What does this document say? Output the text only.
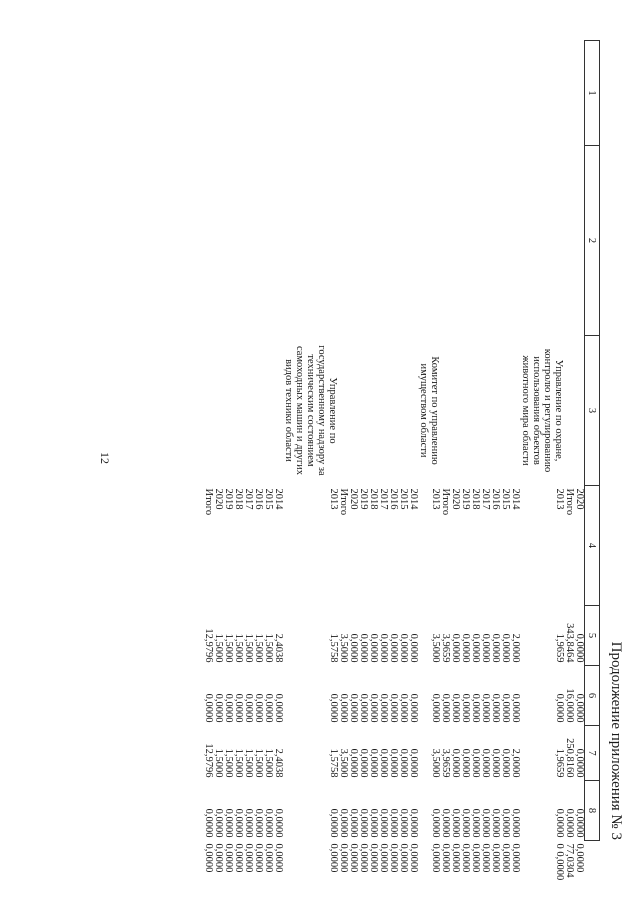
12
Продолжение приложения № 3
1	2	3	4	5	6	7	8	
			2020	0,0000	0,0000	0,0000	0,0000	0,0000
			Итого	343,8464	16,0000	250,8160	0,0000	77,0304
		Управление по охране, контролю и регулированию использования объектов животного мира области	2013	1,9659	0,0000	1,9659	0,0000	0 0,0000
			2014	2,0000	0,0000	2,0000	0,0000	0,0000
			2015	0,0000	0,0000	0,0000	0,0000	0,0000
			2016	0,0000	0,0000	0,0000	0,0000	0,0000
			2017	0,0000	0,0000	0,0000	0,0000	0,0000
			2018	0,0000	0,0000	0,0000	0,0000	0,0000
			2019	0,0000	0,0000	0,0000	0,0000	0,0000
			2020	0,0000	0,0000	0,0000	0,0000	0,0000
			Итого	3,9659	0,0000	3,9659	0,0000	0,0000
		Комитет по управлению имуществом области	2013	3,5000	0,0000	3,5000	0,0000	0,0000
			2014	0,0000	0,0000	0,0000	0,0000	0,0000
			2015	0,0000	0,0000	0,0000	0,0000	0,0000
			2016	0,0000	0,0000	0,0000	0,0000	0,0000
			2017	0,0000	0,0000	0,0000	0,0000	0,0000
			2018	0,0000	0,0000	0,0000	0,0000	0,0000
			2019	0,0000	0,0000	0,0000	0,0000	0,0000
			2020	0,0000	0,0000	0,0000	0,0000	0,0000
			Итого	3,5000	0,0000	3,5000	0,0000	0,0000
		Управление по государственному надзору за техническим состоянием самоходных машин и других видов техники области	2013	1,5758	0,0000	1,5758	0,0000	0,0000
			2014	2,4038	0,0000	2,4038	0,0000	0,0000
			2015	1,5000	0,0000	1,5000	0,0000	0,0000
			2016	1,5000	0,0000	1,5000	0,0000	0,0000
			2017	1,5000	0,0000	1,5000	0,0000	0,0000
			2018	1,5000	0,0000	1,5000	0,0000	0,0000
			2019	1,5000	0,0000	1,5000	0,0000	0,0000
			2020	1,5000	0,0000	1,5000	0,0000	0,0000
			Итого	12,9796	0,0000	12,9796	0,0000	0,0000
